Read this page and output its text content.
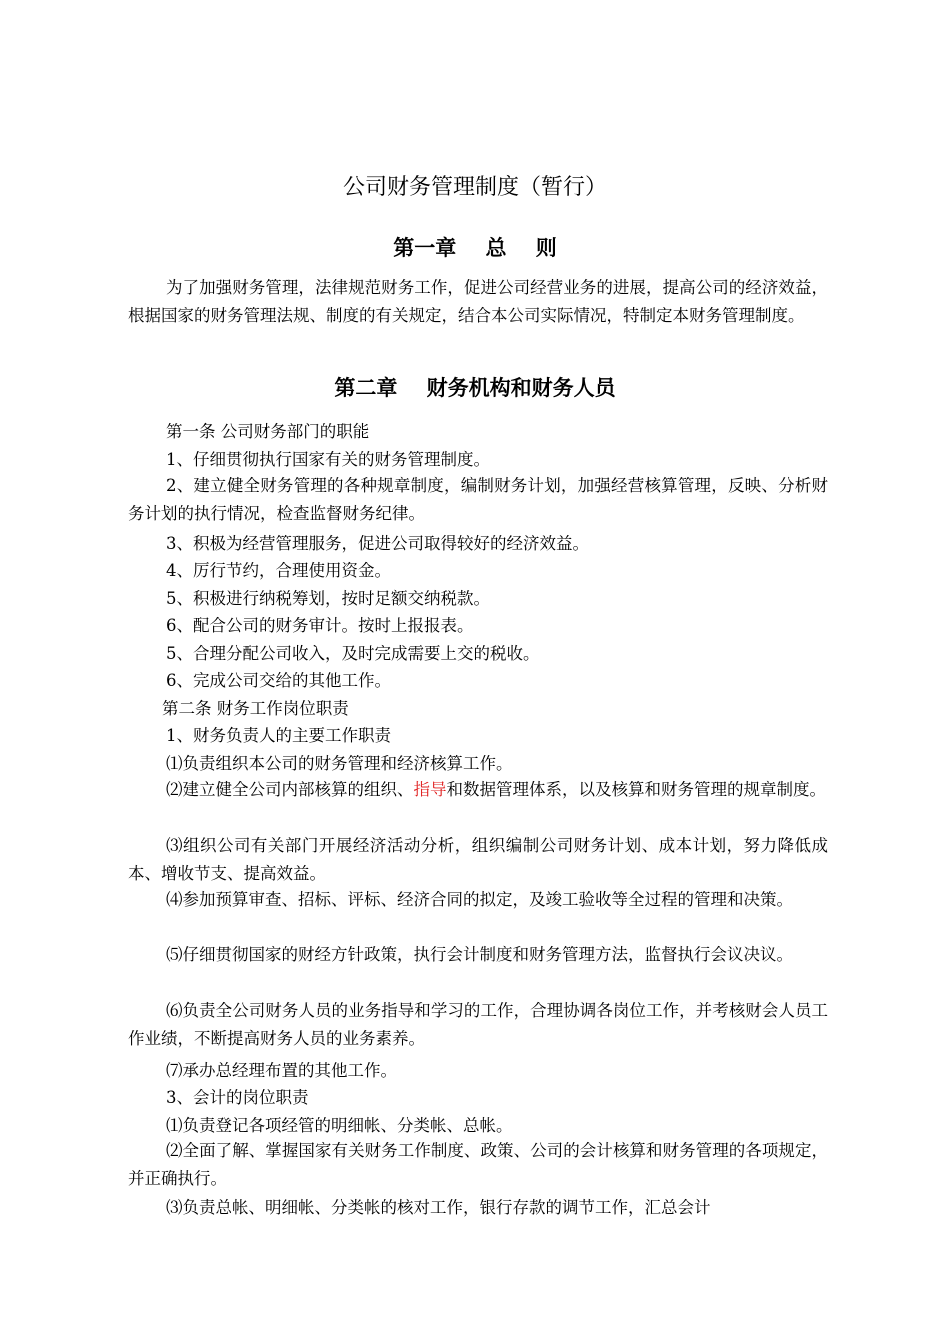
公司财务管理制度（暂行）
第一章    总    则
为了加强财务管理，法律规范财务工作，促进公司经营业务的进展，提高公司的经济效益，根据国家的财务管理法规、制度的有关规定，结合本公司实际情况，特制定本财务管理制度。
第二章    财务机构和财务人员
第一条 公司财务部门的职能
1、仔细贯彻执行国家有关的财务管理制度。
2、建立健全财务管理的各种规章制度，编制财务计划，加强经营核算管理，反映、分析财务计划的执行情况，检查监督财务纪律。
3、积极为经营管理服务，促进公司取得较好的经济效益。
4、厉行节约，合理使用资金。
5、积极进行纳税筹划，按时足额交纳税款。
6、配合公司的财务审计。按时上报报表。
5、合理分配公司收入，及时完成需要上交的税收。
6、完成公司交给的其他工作。
第二条 财务工作岗位职责
1、财务负责人的主要工作职责
⑴负责组织本公司的财务管理和经济核算工作。
⑵建立健全公司内部核算的组织、指导和数据管理体系，以及核算和财务管理的规章制度。
⑶组织公司有关部门开展经济活动分析，组织编制公司财务计划、成本计划，努力降低成本、增收节支、提高效益。
⑷参加预算审查、招标、评标、经济合同的拟定，及竣工验收等全过程的管理和决策。
⑸仔细贯彻国家的财经方针政策，执行会计制度和财务管理方法，监督执行会议决议。
⑹负责全公司财务人员的业务指导和学习的工作，合理协调各岗位工作，并考核财会人员工作业绩，不断提高财务人员的业务素养。
⑺承办总经理布置的其他工作。
3、会计的岗位职责
⑴负责登记各项经管的明细帐、分类帐、总帐。
⑵全面了解、掌握国家有关财务工作制度、政策、公司的会计核算和财务管理的各项规定，并正确执行。
⑶负责总帐、明细帐、分类帐的核对工作，银行存款的调节工作，汇总会计
